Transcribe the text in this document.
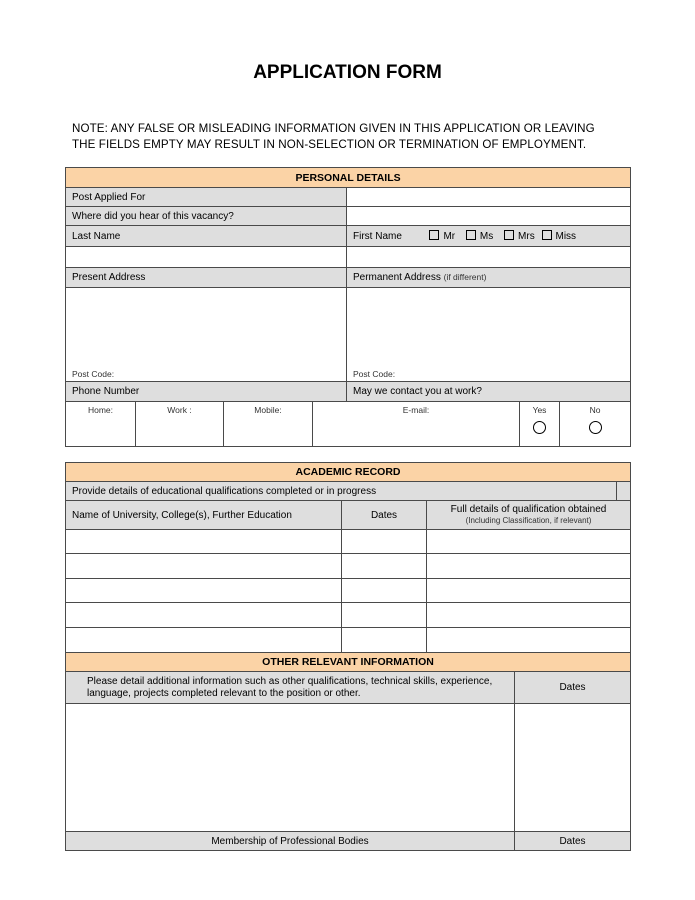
APPLICATION FORM
NOTE: ANY FALSE OR MISLEADING INFORMATION GIVEN IN THIS APPLICATION OR LEAVING
THE FIELDS EMPTY MAY RESULT IN NON-SELECTION OR TERMINATION OF EMPLOYMENT.
PERSONAL DETAILS						
Post Applied For						
Where did you hear of this vacancy?						
Last Name				First Name Mr Ms Mrs Miss		

Present Address				Permanent Address (if different)		
Post Code:				Post Code:		
Phone Number				May we contact you at work?		
Home:	Work :	Mobile:	E-mail:		Yes	No
ACADEMIC RECORD			
Provide details of educational qualifications completed or in progress			
Name of University, College(s), Further Education	Dates	Full details of qualification obtained
(Including Classification, if relevant)	

OTHER RELEVANT INFORMATION	

Please detail additional information such as other qualifications, technical skills, experience,
language, projects completed relevant to the position or other.	Dates

Membership of Professional Bodies	Dates
